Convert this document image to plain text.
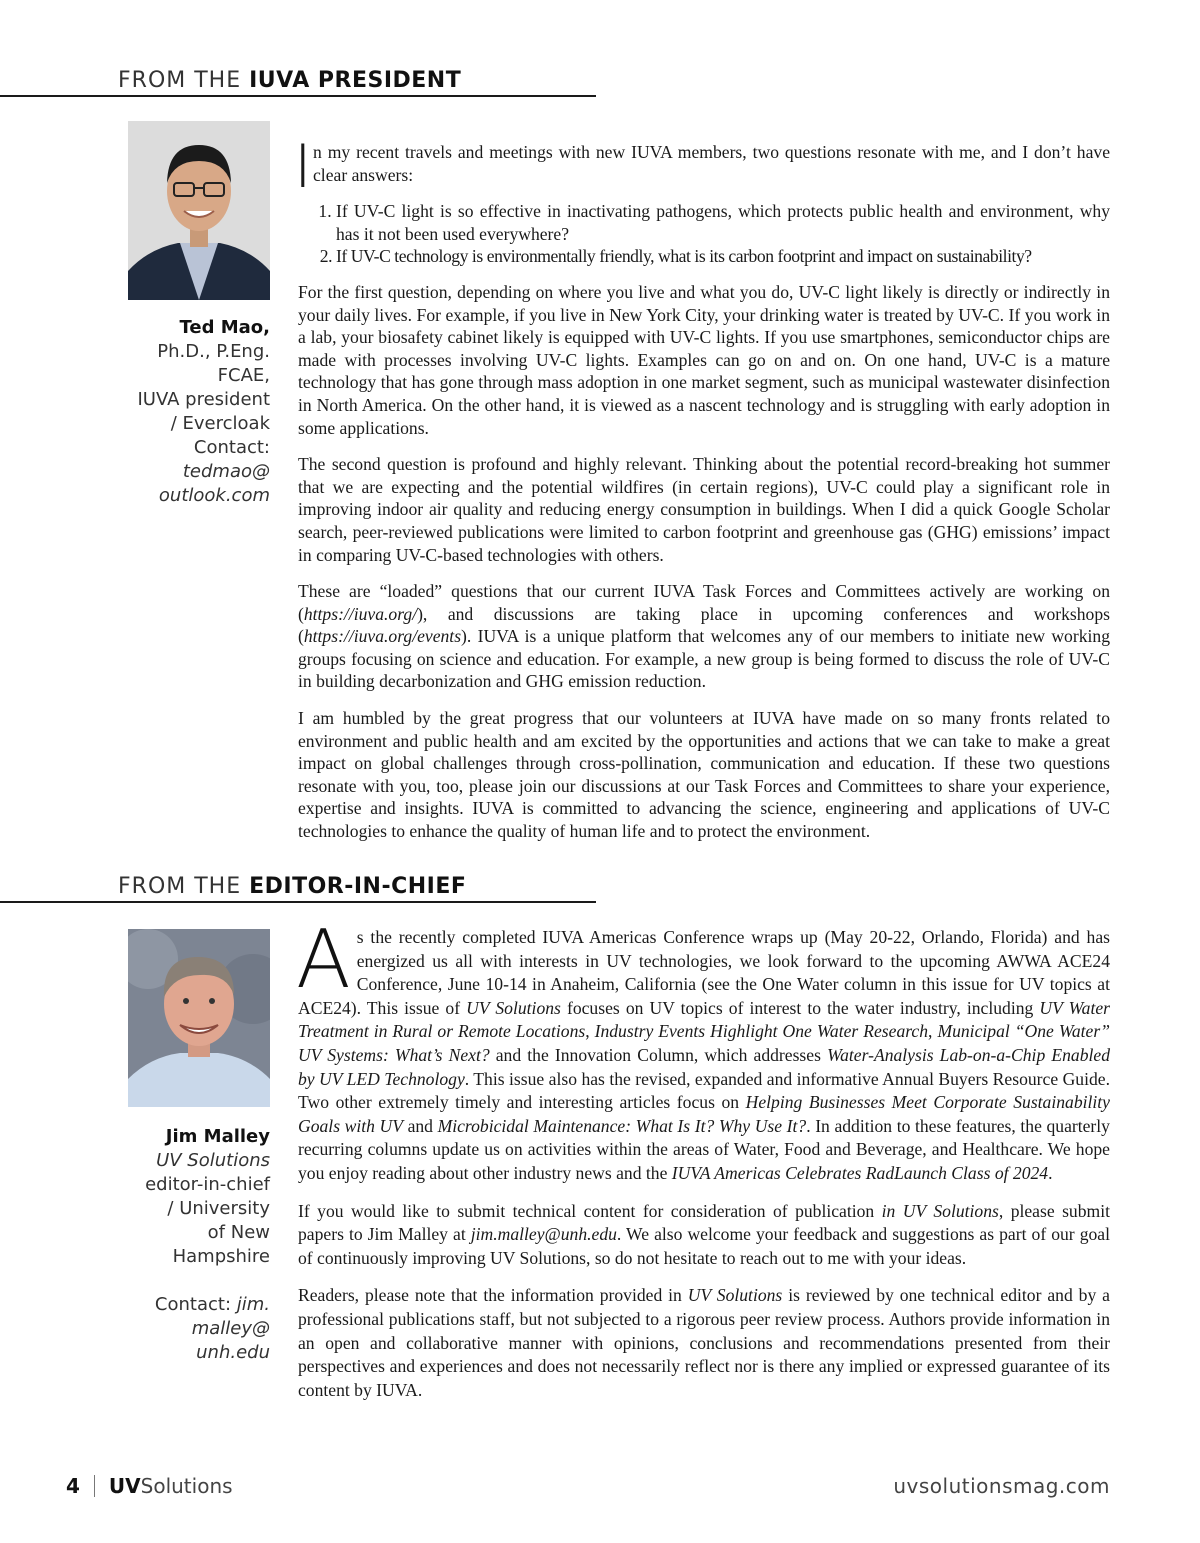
FROM THE IUVA PRESIDENT
Ted Mao,
Ph.D., P.Eng.
FCAE,
IUVA president
/ Evercloak
Contact:
tedmao@
outlook.com

I n my recent travels and meetings with new IUVA members, two questions resonate with me, and I don’t have clear answers:

1. If UV-C light is so effective in inactivating pathogens, which protects public health and environment, why has it not been used everywhere?
2. If UV-C technology is environmentally friendly, what is its carbon footprint and impact on sustainability?

For the first question, depending on where you live and what you do, UV-C light likely is directly or indirectly in your daily lives. For example, if you live in New York City, your drinking water is treated by UV-C. If you work in a lab, your biosafety cabinet likely is equipped with UV-C lights. If you use smartphones, semiconductor chips are made with processes involving UV-C lights. Examples can go on and on. On one hand, UV-C is a mature technology that has gone through mass adoption in one market segment, such as municipal wastewater disinfection in North America. On the other hand, it is viewed as a nascent technology and is struggling with early adoption in some applications.

The second question is profound and highly relevant. Thinking about the potential record-breaking hot summer that we are expecting and the potential wildfires (in certain regions), UV-C could play a significant role in improving indoor air quality and reducing energy consumption in buildings. When I did a quick Google Scholar search, peer-reviewed publications were limited to carbon footprint and greenhouse gas (GHG) emissions’ impact in comparing UV-C-based technologies with others.

These are “loaded” questions that our current IUVA Task Forces and Committees actively are working on (https://iuva.org/), and discussions are taking place in upcoming conferences and workshops (https://iuva.org/events). IUVA is a unique platform that welcomes any of our members to initiate new working groups focusing on science and education. For example, a new group is being formed to discuss the role of UV-C in building decarbonization and GHG emission reduction.

I am humbled by the great progress that our volunteers at IUVA have made on so many fronts related to environment and public health and am excited by the opportunities and actions that we can take to make a great impact on global challenges through cross-pollination, communication and education. If these two questions resonate with you, too, please join our discussions at our Task Forces and Committees to share your experience, expertise and insights. IUVA is committed to advancing the science, engineering and applications of UV-C technologies to enhance the quality of human life and to protect the environment.

FROM THE EDITOR-IN-CHIEF
Jim Malley
UV Solutions
editor-in-chief
/ University
of New
Hampshire
Contact: jim.
malley@
unh.edu

As the recently completed IUVA Americas Conference wraps up (May 20-22, Orlando, Florida) and has energized us all with interests in UV technologies, we look forward to the upcoming AWWA ACE24 Conference, June 10-14 in Anaheim, California (see the One Water column in this issue for UV topics at ACE24). This issue of UV Solutions focuses on UV topics of interest to the water industry, including UV Water Treatment in Rural or Remote Locations, Industry Events Highlight One Water Research, Municipal “One Water” UV Systems: What’s Next? and the Innovation Column, which addresses Water-Analysis Lab-on-a-Chip Enabled by UV LED Technology. This issue also has the revised, expanded and informative Annual Buyers Resource Guide. Two other extremely timely and interesting articles focus on Helping Businesses Meet Corporate Sustainability Goals with UV and Microbicidal Maintenance: What Is It? Why Use It?. In addition to these features, the quarterly recurring columns update us on activities within the areas of Water, Food and Beverage, and Healthcare. We hope you enjoy reading about other industry news and the IUVA Americas Celebrates RadLaunch Class of 2024.

If you would like to submit technical content for consideration of publication in UV Solutions, please submit papers to Jim Malley at jim.malley@unh.edu. We also welcome your feedback and suggestions as part of our goal of continuously improving UV Solutions, so do not hesitate to reach out to me with your ideas.

Readers, please note that the information provided in UV Solutions is reviewed by one technical editor and by a professional publications staff, but not subjected to a rigorous peer review process. Authors provide information in an open and collaborative manner with opinions, conclusions and recommendations presented from their perspectives and experiences and does not necessarily reflect nor is there any implied or expressed guarantee of its content by IUVA.

4 UVSolutions	uvsolutionsmag.com
